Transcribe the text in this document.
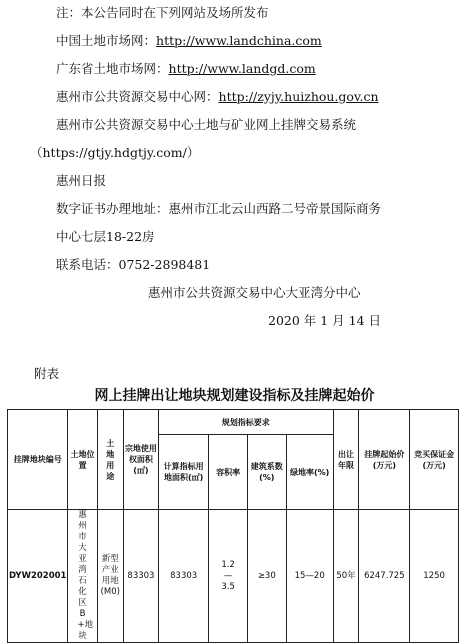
注：本公告同时在下列网站及场所发布
中国土地市场网：http://www.landchina.com
广东省土地市场网：http://www.landgd.com
惠州市公共资源交易中心网：http://zyjy.huizhou.gov.cn
惠州市公共资源交易中心土地与矿业网上挂牌交易系统
（https://gtjy.hdgtjy.com/）
惠州日报
数字证书办理地址：惠州市江北云山西路二号帝景国际商务
中心七层18-22房
联系电话：0752-2898481
惠州市公共资源交易中心大亚湾分中心
2020 年 1 月 14 日
附表
网上挂牌出让地块规划建设指标及挂牌起始价
挂牌地块编号	土地位置	土地用途	宗地使用权面积(㎡)	规划指标要求				出让年限	挂牌起始价(万元)	竞买保证金(万元)
				计算指标用地面积(㎡)	容积率	建筑系数(%)	绿地率(%)			
DYW202001	惠州市大亚湾石化区B+地块	新型产业用地(M0)	83303	83303	1.2—3.5	≥30	15—20	50年	6247.725	1250
